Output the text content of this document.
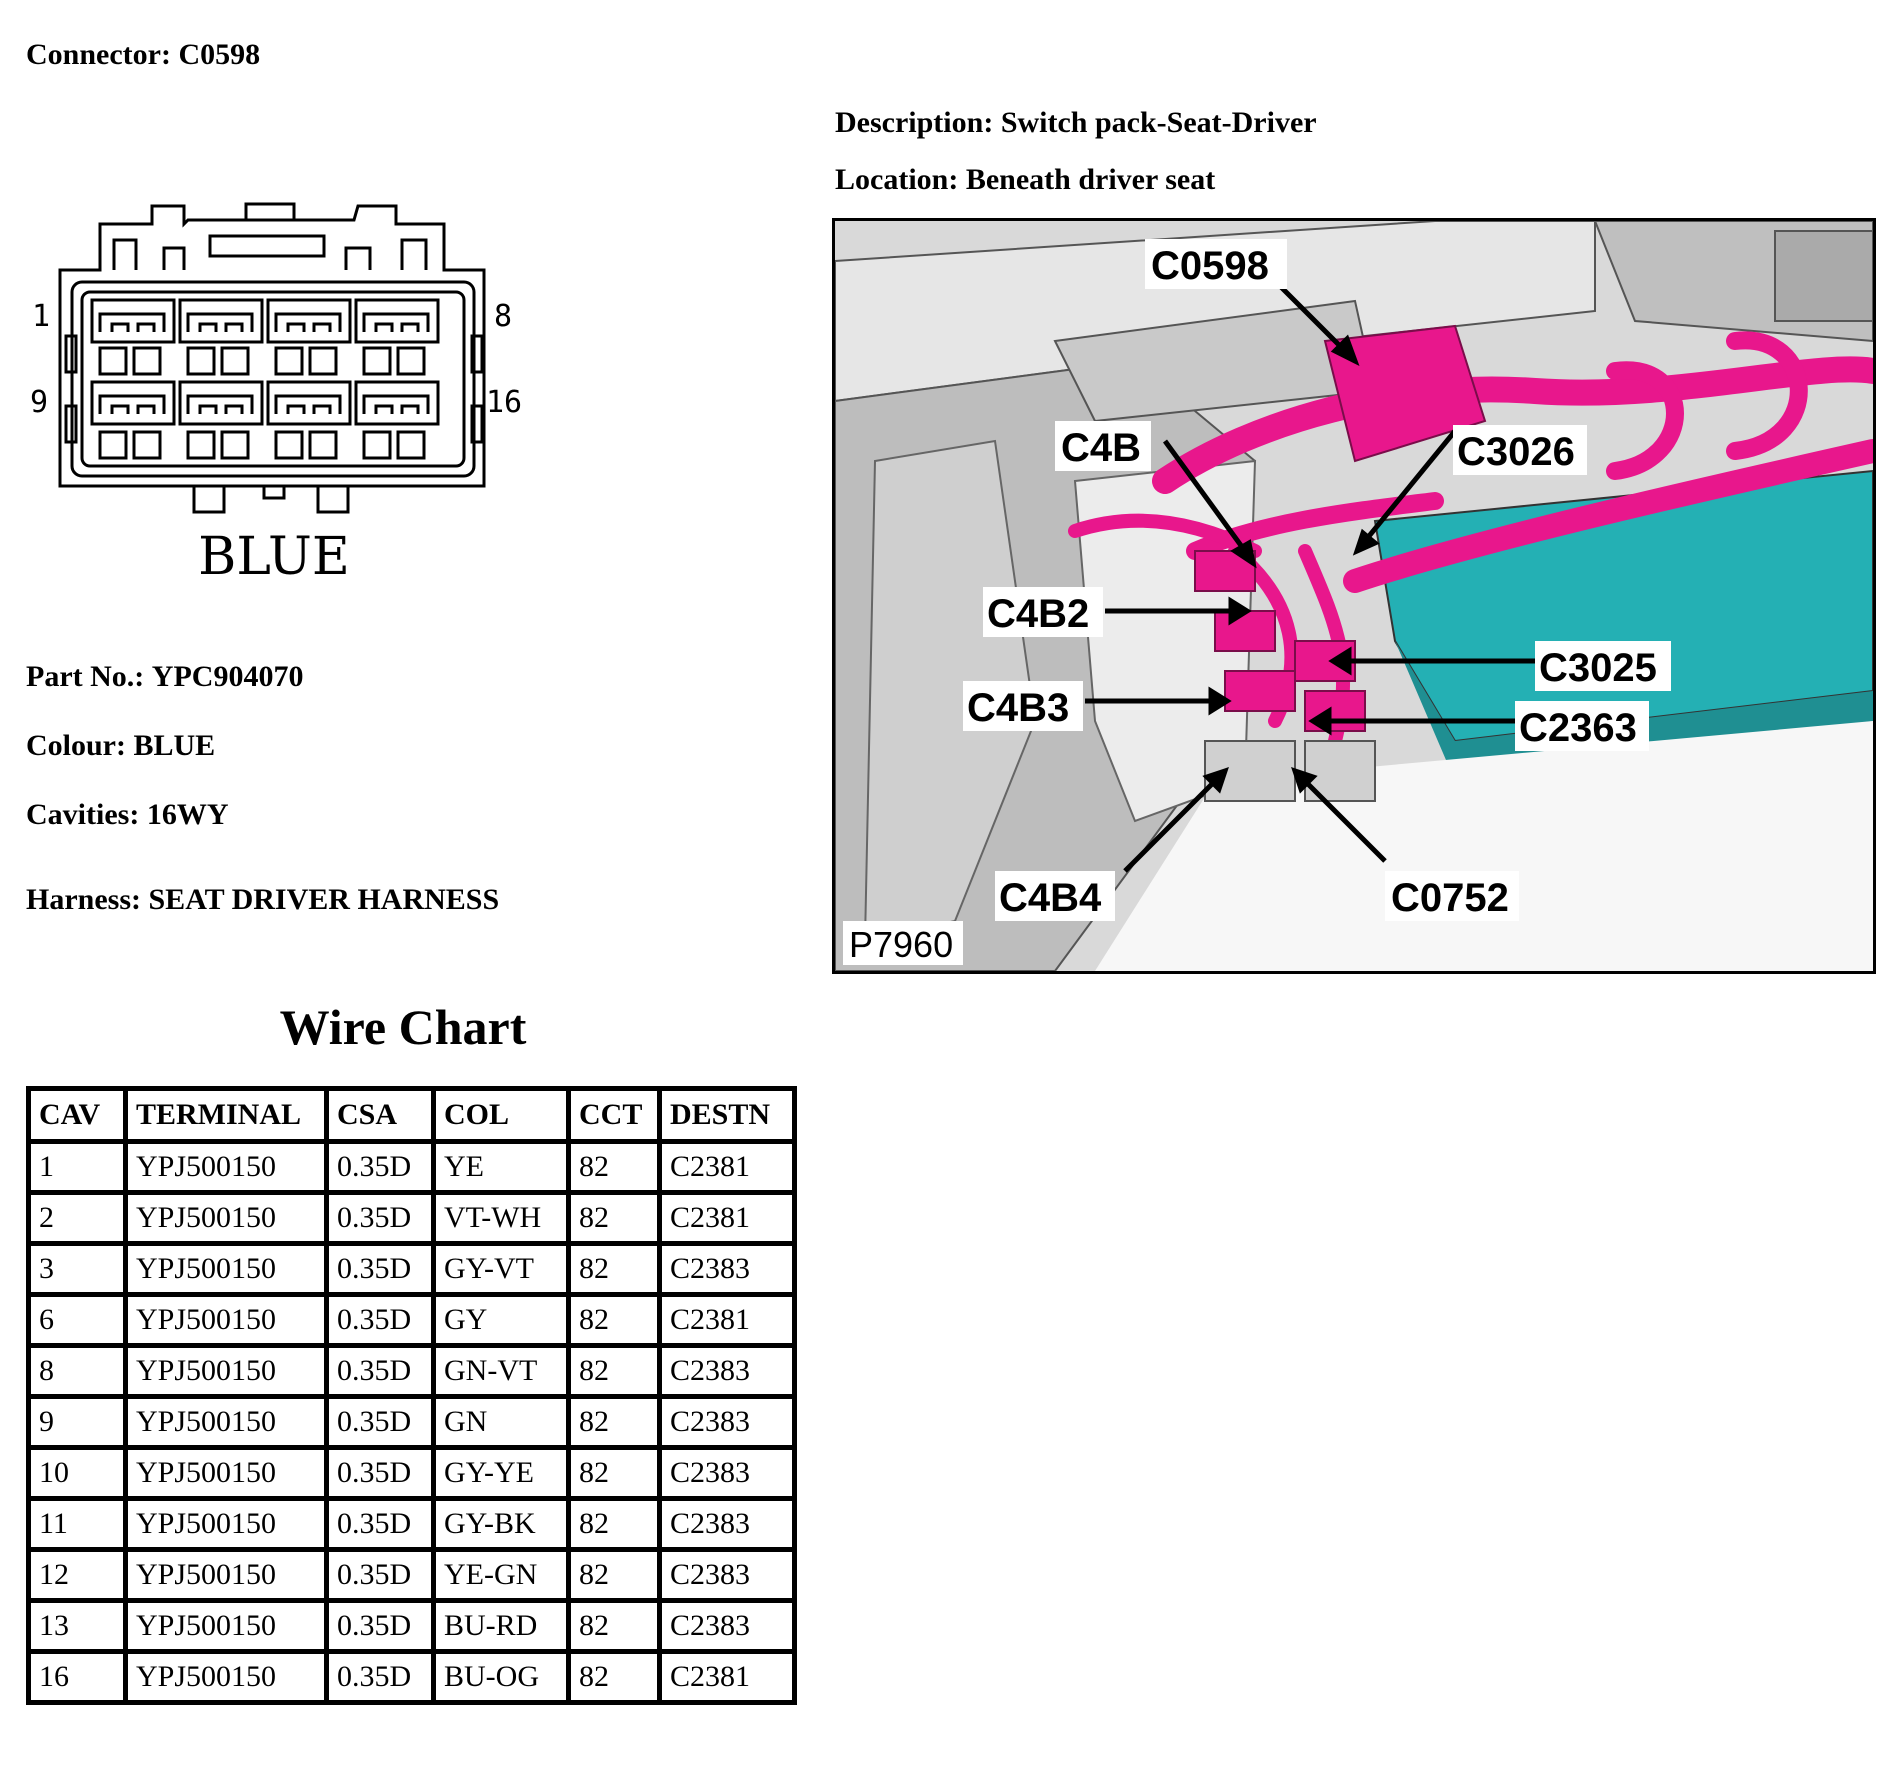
Connector: C0598
Description: Switch pack-Seat-Driver
Location: Beneath driver seat
1	8
9	16
BLUE
Part No.: YPC904070
Colour: BLUE
Cavities: 16WY
Harness: SEAT DRIVER HARNESS
C0598
C4B	C3026
C4B2
C3025
C4B3	C2363
C4B4	C0752
P7960
Wire Chart
CAV	TERMINAL	CSA	COL	CCT	DESTN
1	YPJ500150	0.35D	YE	82	C2381
2	YPJ500150	0.35D	VT-WH	82	C2381
3	YPJ500150	0.35D	GY-VT	82	C2383
6	YPJ500150	0.35D	GY	82	C2381
8	YPJ500150	0.35D	GN-VT	82	C2383
9	YPJ500150	0.35D	GN	82	C2383
10	YPJ500150	0.35D	GY-YE	82	C2383
11	YPJ500150	0.35D	GY-BK	82	C2383
12	YPJ500150	0.35D	YE-GN	82	C2383
13	YPJ500150	0.35D	BU-RD	82	C2383
16	YPJ500150	0.35D	BU-OG	82	C2381
